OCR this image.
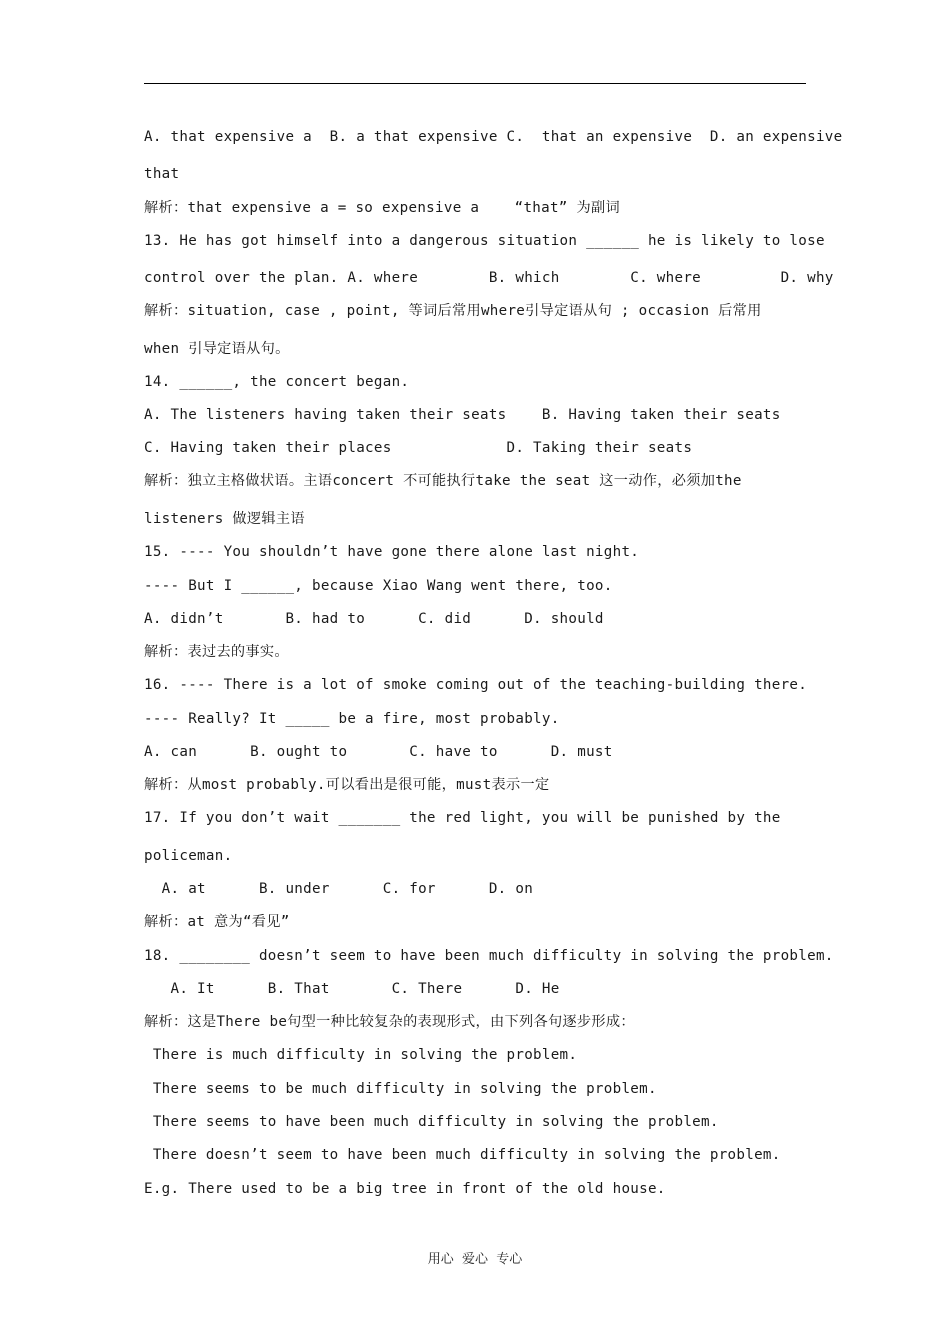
A. that expensive a  B. a that expensive C.  that an expensive  D. an expensive
that
解析：that expensive a = so expensive a    “that” 为副词
13. He has got himself into a dangerous situation ______ he is likely to lose
control over the plan. A. where        B. which        C. where         D. why
解析：situation, case , point, 等词后常用where引导定语从句 ; occasion 后常用
when 引导定语从句。
14. ______, the concert began.
A. The listeners having taken their seats    B. Having taken their seats
C. Having taken their places             D. Taking their seats
解析：独立主格做状语。主语concert 不可能执行take the seat 这一动作，必须加the
listeners 做逻辑主语
15. ---- You shouldn’t have gone there alone last night.
---- But I ______, because Xiao Wang went there, too.
A. didn’t       B. had to      C. did      D. should
解析：表过去的事实。
16. ---- There is a lot of smoke coming out of the teaching-building there.
---- Really? It _____ be a fire, most probably.
A. can      B. ought to       C. have to      D. must
解析：从most probably.可以看出是很可能，must表示一定
17. If you don’t wait _______ the red light, you will be punished by the
policeman.
A. at      B. under      C. for      D. on
解析：at 意为“看见”
18. ________ doesn’t seem to have been much difficulty in solving the problem.
A. It      B. That       C. There      D. He
解析：这是There be句型一种比较复杂的表现形式，由下列各句逐步形成：
There is much difficulty in solving the problem.
There seems to be much difficulty in solving the problem.
There seems to have been much difficulty in solving the problem.
There doesn’t seem to have been much difficulty in solving the problem.
E.g. There used to be a big tree in front of the old house.
用心  爱心  专心
